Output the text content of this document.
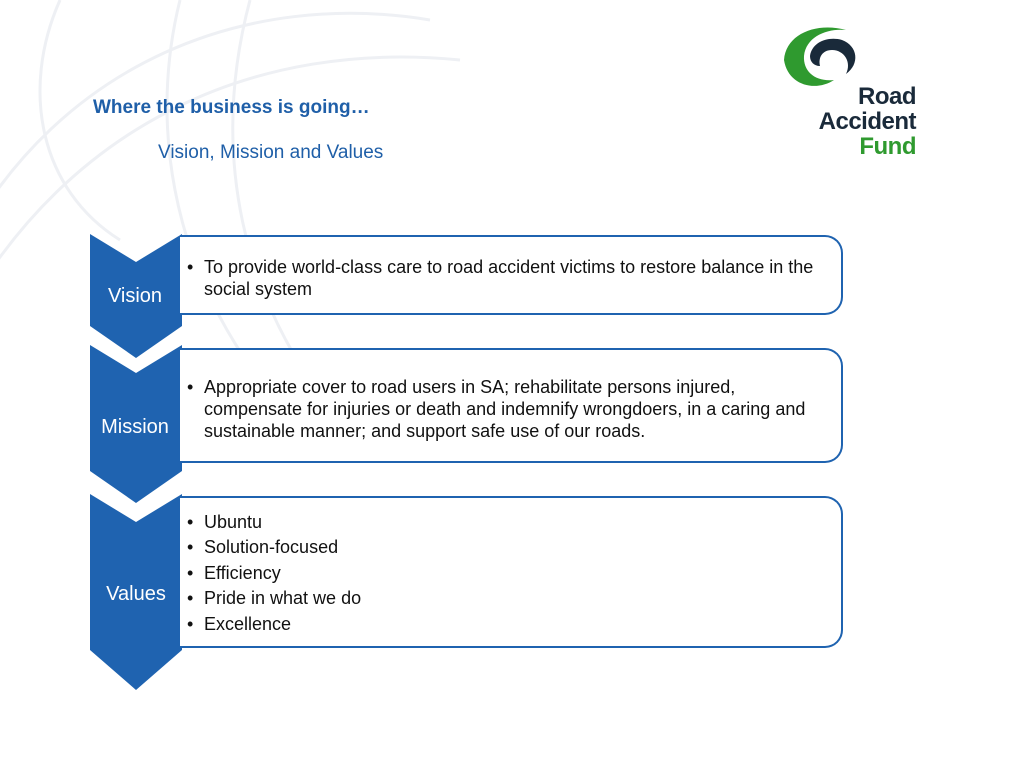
Where the business is going…
Vision, Mission and Values
Road
Accident
Fund
Vision
• To provide world-class care to road accident victims to restore balance in the social system
Mission
• Appropriate cover to road users in SA; rehabilitate persons injured, compensate for injuries or death and indemnify wrongdoers, in a caring and sustainable manner; and support safe use of our roads.
Values
• Ubuntu
• Solution-focused
• Efficiency
• Pride in what we do
• Excellence
